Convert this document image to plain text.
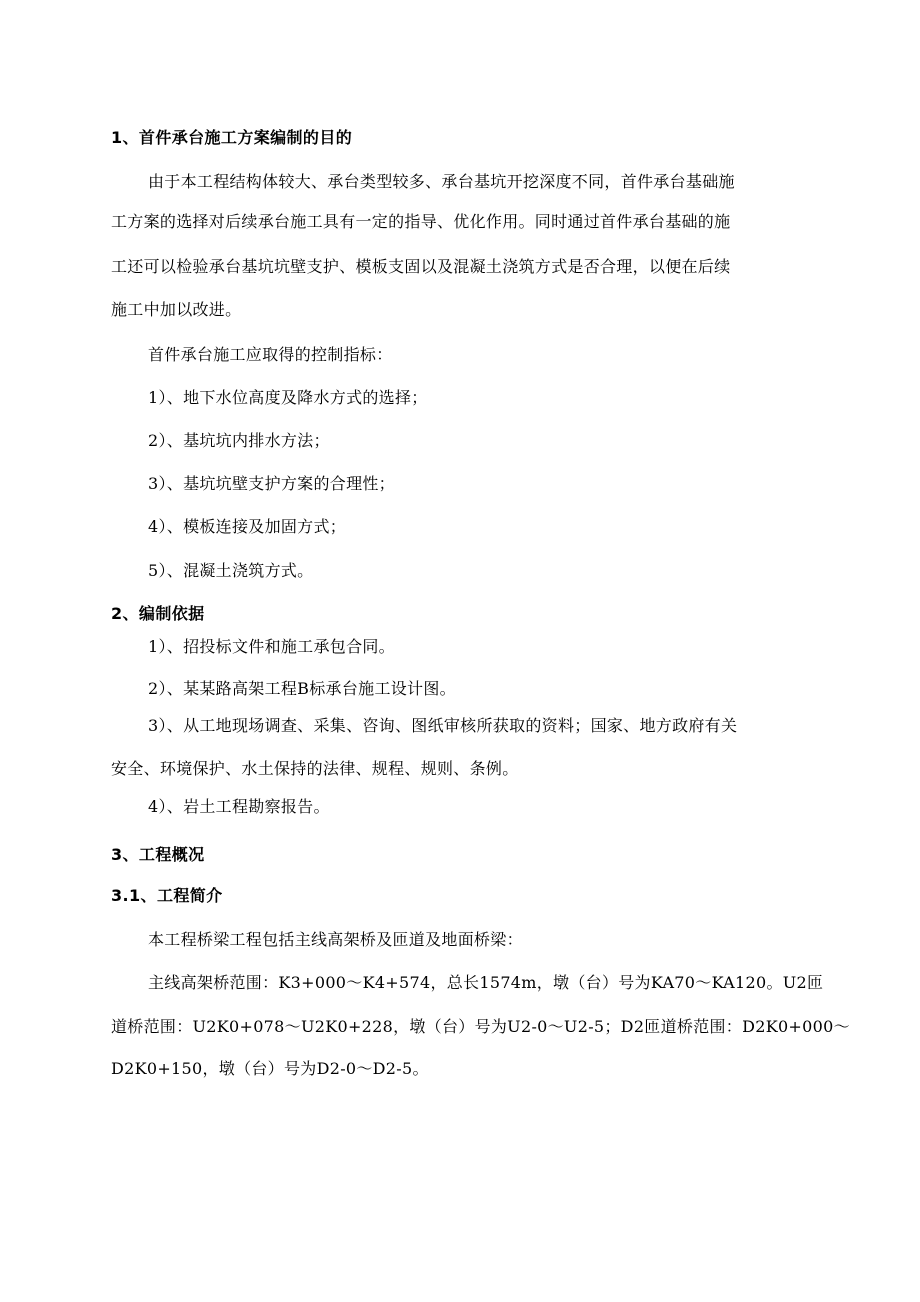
1、首件承台施工方案编制的目的
由于本工程结构体较大、承台类型较多、承台基坑开挖深度不同，首件承台基础施
工方案的选择对后续承台施工具有一定的指导、优化作用。同时通过首件承台基础的施
工还可以检验承台基坑坑壁支护、模板支固以及混凝土浇筑方式是否合理，以便在后续
施工中加以改进。
首件承台施工应取得的控制指标：
1）、地下水位高度及降水方式的选择；
2）、基坑坑内排水方法；
3）、基坑坑壁支护方案的合理性；
4）、模板连接及加固方式；
5）、混凝土浇筑方式。
2、编制依据
1）、招投标文件和施工承包合同。
2）、某某路高架工程B标承台施工设计图。
3）、从工地现场调查、采集、咨询、图纸审核所获取的资料；国家、地方政府有关
安全、环境保护、水土保持的法律、规程、规则、条例。
4）、岩土工程勘察报告。
3、工程概况
3.1、工程简介
本工程桥梁工程包括主线高架桥及匝道及地面桥梁：
主线高架桥范围：K3+000～K4+574，总长1574m，墩（台）号为KA70～KA120。U2匝
道桥范围：U2K0+078～U2K0+228，墩（台）号为U2-0～U2-5；D2匝道桥范围：D2K0+000～
D2K0+150，墩（台）号为D2-0～D2-5。
